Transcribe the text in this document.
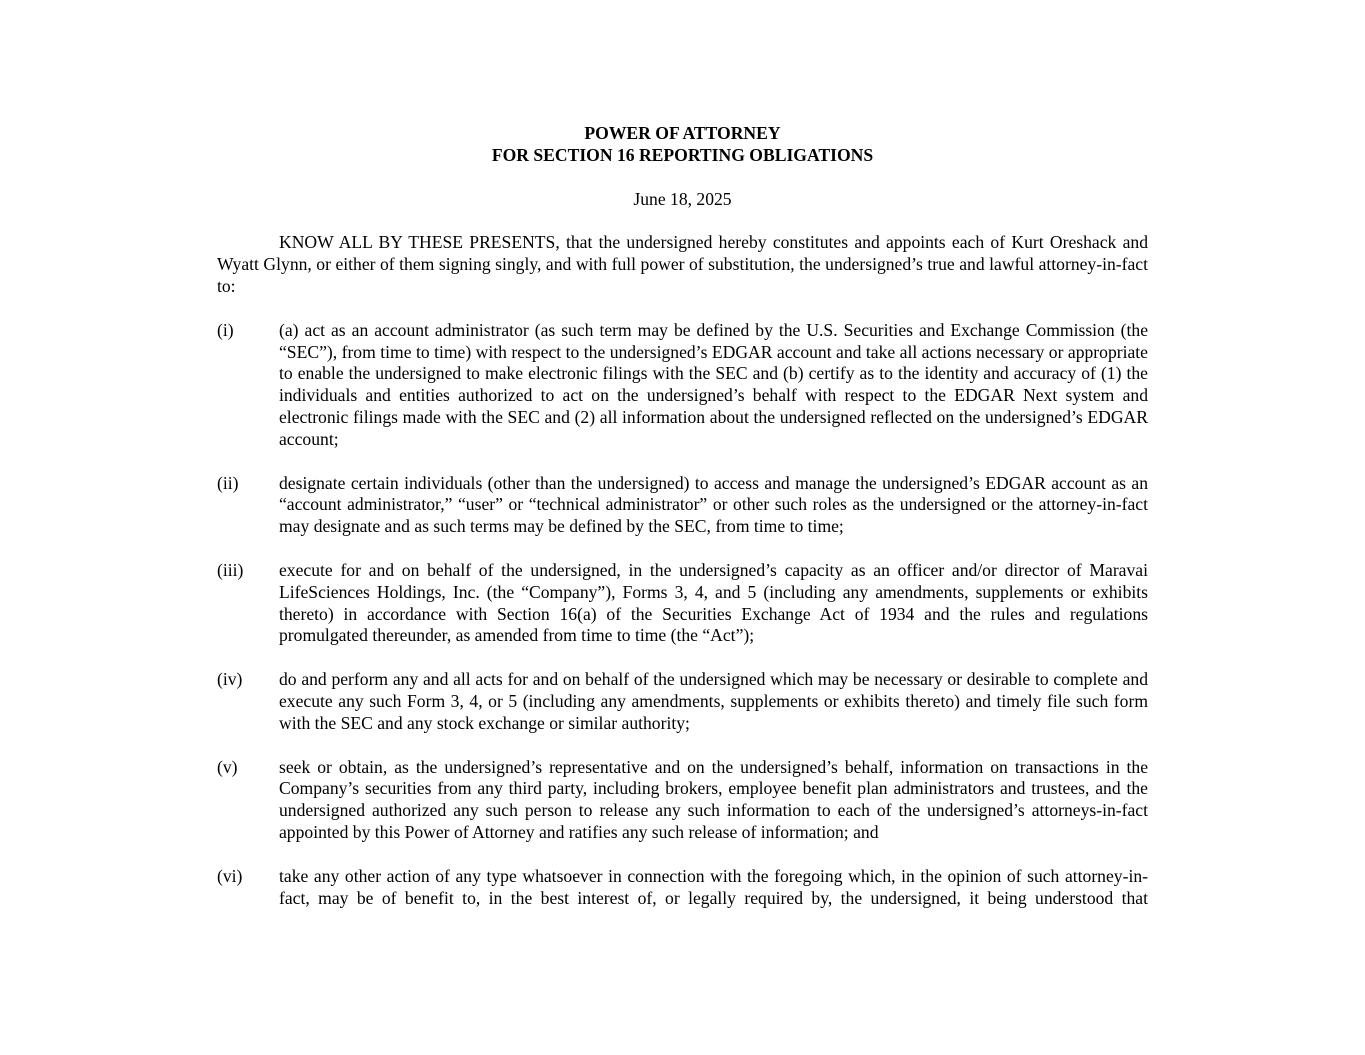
POWER OF ATTORNEY

FOR SECTION 16 REPORTING OBLIGATIONS

June 18, 2025

KNOW ALL BY THESE PRESENTS, that the undersigned hereby constitutes and appoints each of Kurt Oreshack and Wyatt Glynn, or either of them signing singly, and with full power of substitution, the undersigned’s true and lawful attorney-in-fact to:

(i)	(a) act as an account administrator (as such term may be defined by the U.S. Securities and Exchange Commission (the “SEC”), from time to time) with respect to the undersigned’s EDGAR account and take all actions necessary or appropriate to enable the undersigned to make electronic filings with the SEC and (b) certify as to the identity and accuracy of (1) the individuals and entities authorized to act on the undersigned’s behalf with respect to the EDGAR Next system and electronic filings made with the SEC and (2) all information about the undersigned reflected on the undersigned’s EDGAR account;

(ii)	designate certain individuals (other than the undersigned) to access and manage the undersigned’s EDGAR account as an “account administrator,” “user” or “technical administrator” or other such roles as the undersigned or the attorney-in-fact may designate and as such terms may be defined by the SEC, from time to time;

(iii)	execute for and on behalf of the undersigned, in the undersigned’s capacity as an officer and/or director of Maravai LifeSciences Holdings, Inc. (the “Company”), Forms 3, 4, and 5 (including any amendments, supplements or exhibits thereto) in accordance with Section 16(a) of the Securities Exchange Act of 1934 and the rules and regulations promulgated thereunder, as amended from time to time (the “Act”);

(iv)	do and perform any and all acts for and on behalf of the undersigned which may be necessary or desirable to complete and execute any such Form 3, 4, or 5 (including any amendments, supplements or exhibits thereto) and timely file such form with the SEC and any stock exchange or similar authority;

(v)	seek or obtain, as the undersigned’s representative and on the undersigned’s behalf, information on transactions in the Company’s securities from any third party, including brokers, employee benefit plan administrators and trustees, and the undersigned authorized any such person to release any such information to each of the undersigned’s attorneys-in-fact appointed by this Power of Attorney and ratifies any such release of information; and

(vi)	take any other action of any type whatsoever in connection with the foregoing which, in the opinion of such attorney-in-fact, may be of benefit to, in the best interest of, or legally required by, the undersigned, it being understood that
